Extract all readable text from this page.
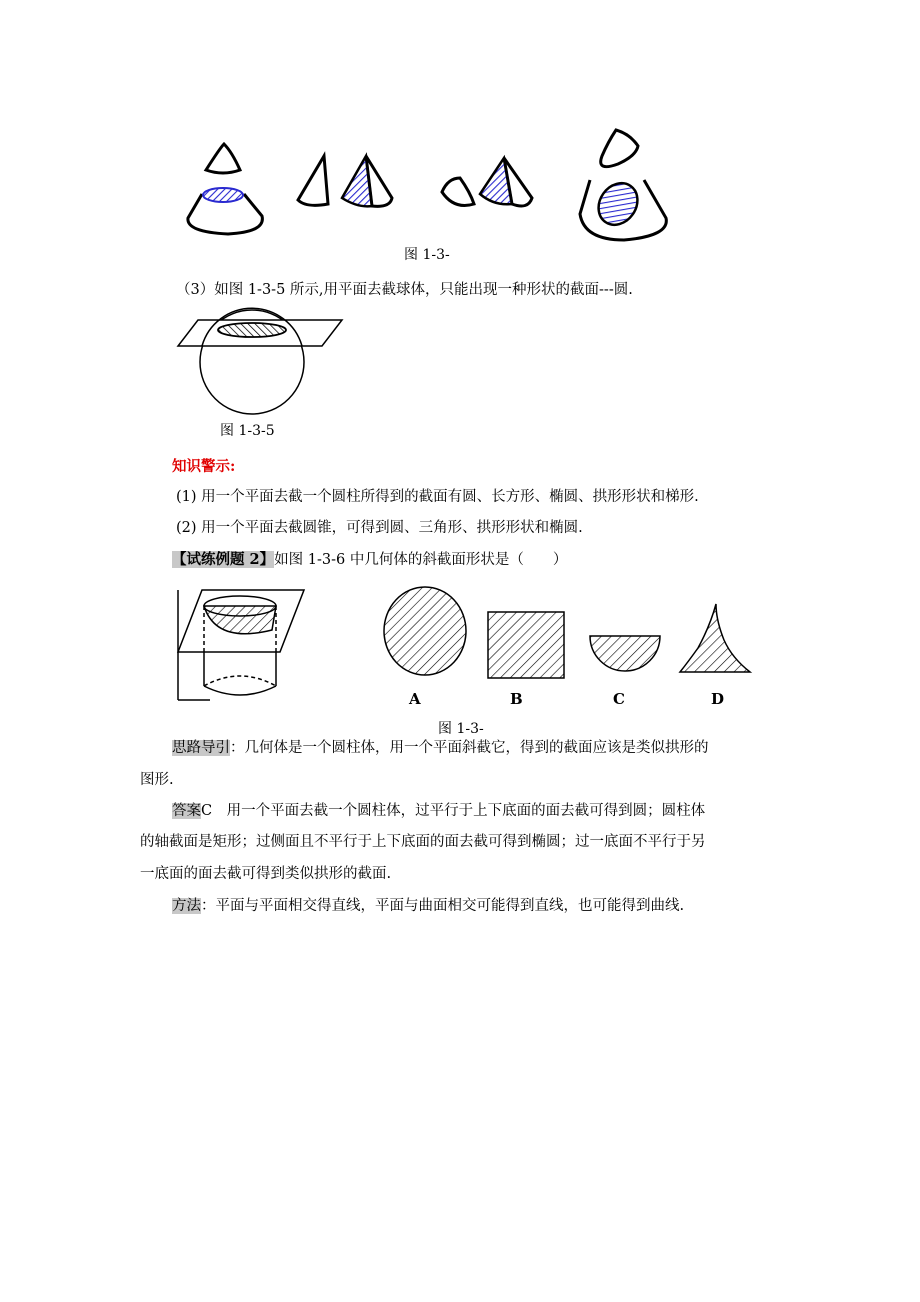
图 1-3-
（3）如图 1-3-5 所示,用平面去截球体，只能出现一种形状的截面---圆.
图 1-3-5
知识警示:
(1) 用一个平面去截一个圆柱所得到的截面有圆、长方形、椭圆、拱形形状和梯形.
(2) 用一个平面去截圆锥，可得到圆、三角形、拱形形状和椭圆.
【试练例题 2】如图 1-3-6 中几何体的斜截面形状是（　　）
A	B	C	D
图 1-3-
思路导引：几何体是一个圆柱体，用一个平面斜截它，得到的截面应该是类似拱形的
图形.
答案C　用一个平面去截一个圆柱体，过平行于上下底面的面去截可得到圆；圆柱体
的轴截面是矩形；过侧面且不平行于上下底面的面去截可得到椭圆；过一底面不平行于另
一底面的面去截可得到类似拱形的截面.
方法：平面与平面相交得直线，平面与曲面相交可能得到直线，也可能得到曲线.
